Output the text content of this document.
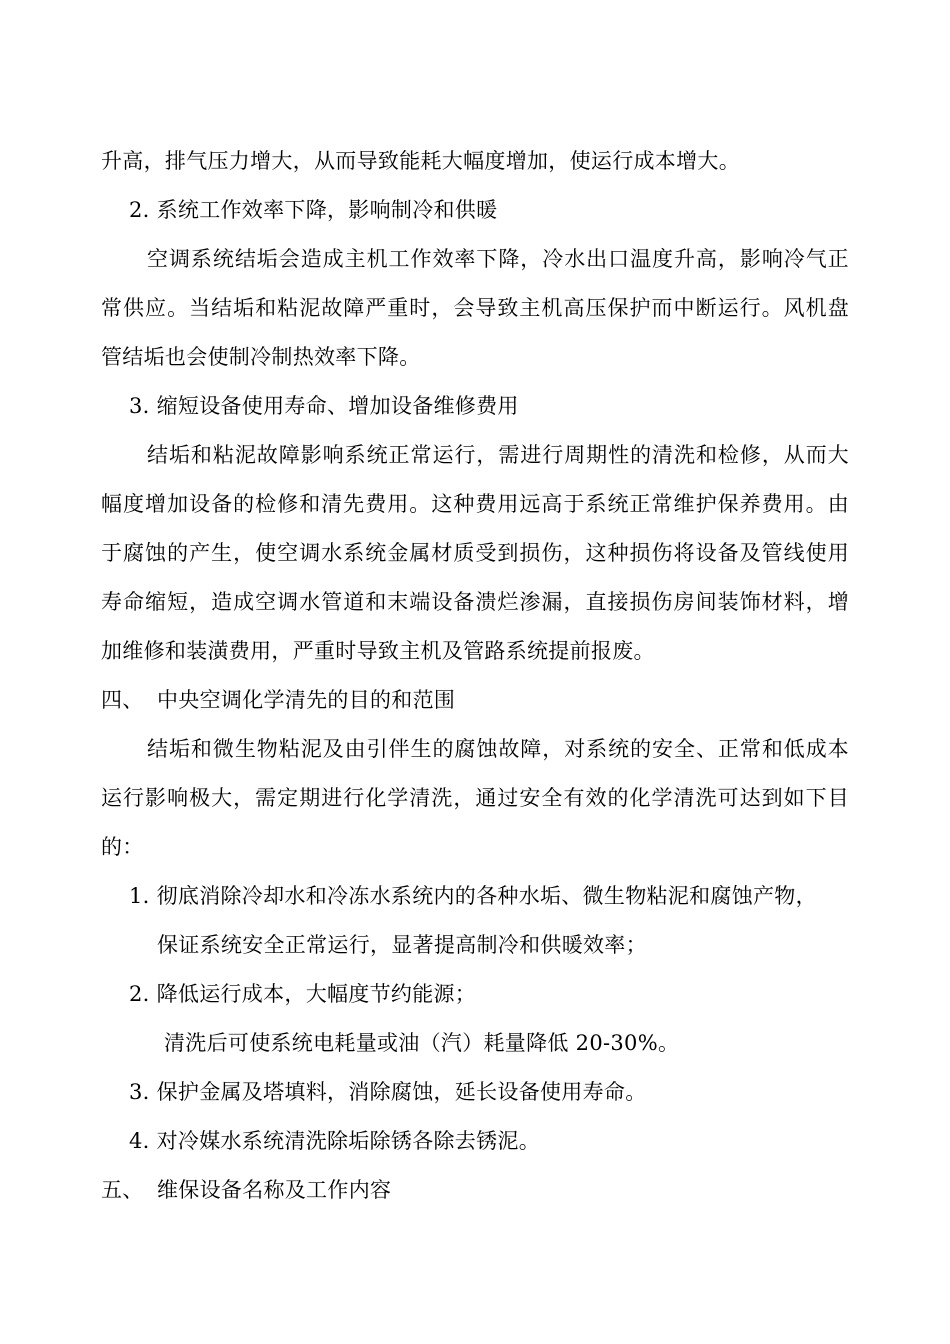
升高，排气压力增大，从而导致能耗大幅度增加，使运行成本增大。
2. 系统工作效率下降，影响制冷和供暖
空调系统结垢会造成主机工作效率下降，冷水出口温度升高，影响冷气正
常供应。当结垢和粘泥故障严重时，会导致主机高压保护而中断运行。风机盘
管结垢也会使制冷制热效率下降。
3. 缩短设备使用寿命、增加设备维修费用
结垢和粘泥故障影响系统正常运行，需进行周期性的清洗和检修，从而大
幅度增加设备的检修和清先费用。这种费用远高于系统正常维护保养费用。由
于腐蚀的产生，使空调水系统金属材质受到损伤，这种损伤将设备及管线使用
寿命缩短，造成空调水管道和末端设备溃烂渗漏，直接损伤房间装饰材料，增
加维修和装潢费用，严重时导致主机及管路系统提前报废。
四、 中央空调化学清先的目的和范围
结垢和微生物粘泥及由引伴生的腐蚀故障，对系统的安全、正常和低成本
运行影响极大，需定期进行化学清洗，通过安全有效的化学清洗可达到如下目
的：
1. 彻底消除冷却水和冷冻水系统内的各种水垢、微生物粘泥和腐蚀产物，
保证系统安全正常运行，显著提高制冷和供暖效率；
2. 降低运行成本，大幅度节约能源；
清洗后可使系统电耗量或油（汽）耗量降低 20-30%。
3. 保护金属及塔填料，消除腐蚀，延长设备使用寿命。
4. 对冷媒水系统清洗除垢除锈各除去锈泥。
五、 维保设备名称及工作内容
